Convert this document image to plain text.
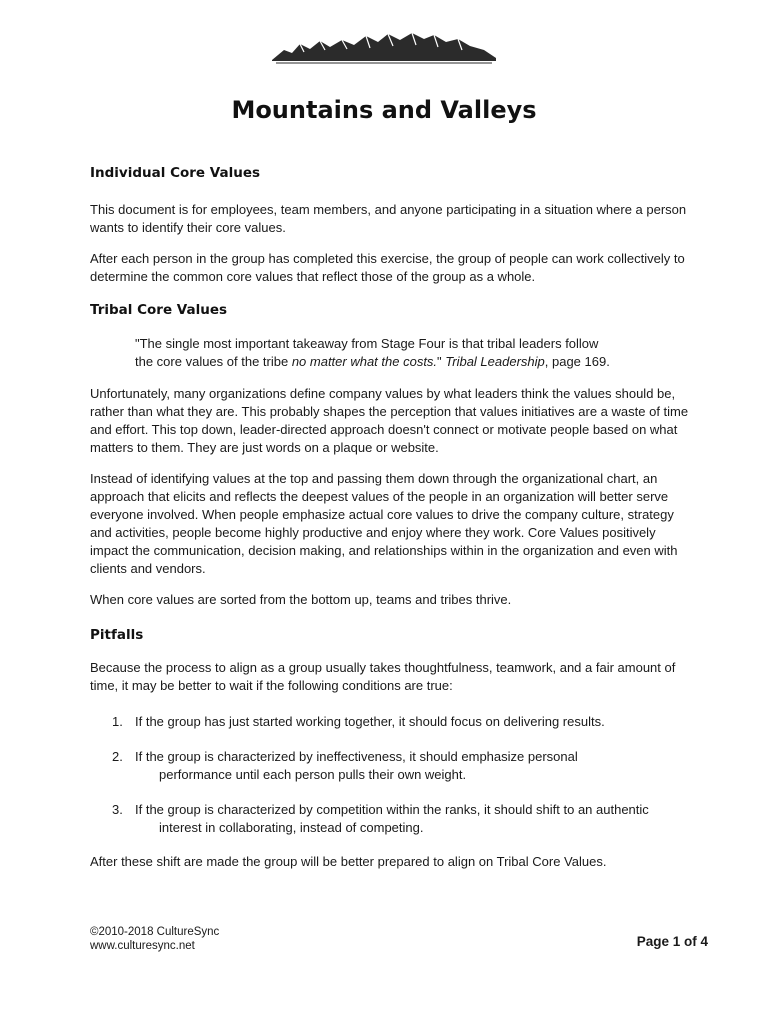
Mountains and Valleys
Individual Core Values

This document is for employees, team members, and anyone participating in a situation where a person wants to identify their core values.

After each person in the group has completed this exercise, the group of people can work collectively to determine the common core values that reflect those of the group as a whole.

Tribal Core Values

"The single most important takeaway from Stage Four is that tribal leaders follow
the core values of the tribe no matter what the costs." Tribal Leadership, page 169.

Unfortunately, many organizations define company values by what leaders think the values should be, rather than what they are. This probably shapes the perception that values initiatives are a waste of time and effort. This top down, leader-directed approach doesn't connect or motivate people based on what matters to them. They are just words on a plaque or website.

Instead of identifying values at the top and passing them down through the organizational chart, an approach that elicits and reflects the deepest values of the people in an organization will better serve everyone involved. When people emphasize actual core values to drive the company culture, strategy and activities, people become highly productive and enjoy where they work. Core Values positively impact the communication, decision making, and relationships within in the organization and even with clients and vendors.

When core values are sorted from the bottom up, teams and tribes thrive.

Pitfalls

Because the process to align as a group usually takes thoughtfulness, teamwork, and a fair amount of time, it may be better to wait if the following conditions are true:

1. If the group has just started working together, it should focus on delivering results.
2. If the group is characterized by ineffectiveness, it should emphasize personal
performance until each person pulls their own weight.
3. If the group is characterized by competition within the ranks, it should shift to an authentic
interest in collaborating, instead of competing.

After these shift are made the group will be better prepared to align on Tribal Core Values.

©2010-2018 CultureSync
www.culturesync.net	Page 1 of 4
